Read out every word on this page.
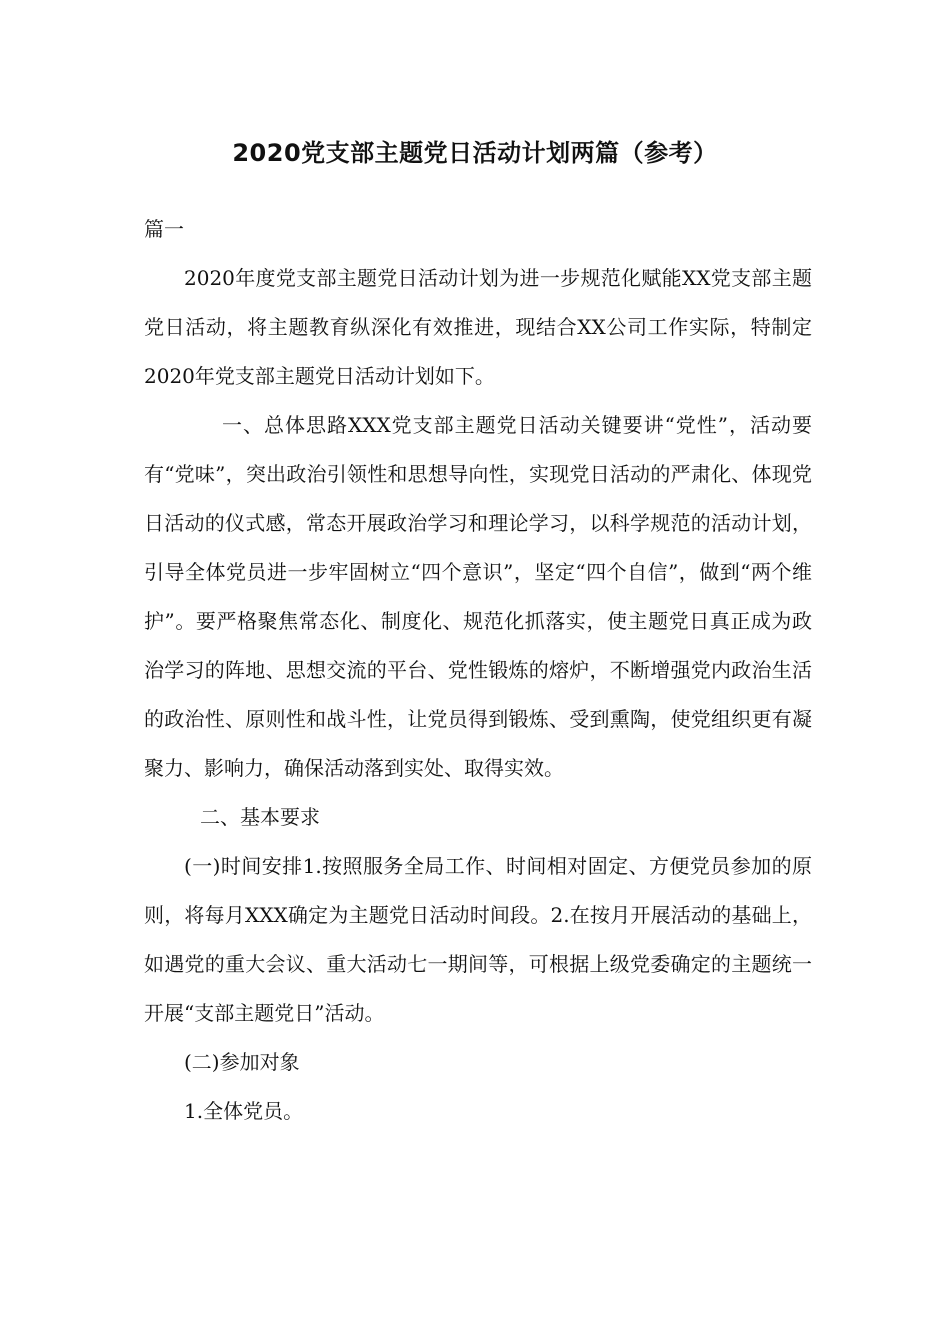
2020党支部主题党日活动计划两篇（参考）

篇一

2020年度党支部主题党日活动计划为进一步规范化赋能XX党支部主题党日活动，将主题教育纵深化有效推进，现结合XX公司工作实际，特制定2020年党支部主题党日活动计划如下。

一、总体思路XXX党支部主题党日活动关键要讲“党性”，活动要有“党味”，突出政治引领性和思想导向性，实现党日活动的严肃化、体现党日活动的仪式感，常态开展政治学习和理论学习，以科学规范的活动计划，引导全体党员进一步牢固树立“四个意识”，坚定“四个自信”，做到“两个维护”。要严格聚焦常态化、制度化、规范化抓落实，使主题党日真正成为政治学习的阵地、思想交流的平台、党性锻炼的熔炉，不断增强党内政治生活的政治性、原则性和战斗性，让党员得到锻炼、受到熏陶，使党组织更有凝聚力、影响力，确保活动落到实处、取得实效。

二、基本要求

(一)时间安排1.按照服务全局工作、时间相对固定、方便党员参加的原则，将每月XXX确定为主题党日活动时间段。2.在按月开展活动的基础上，如遇党的重大会议、重大活动七一期间等，可根据上级党委确定的主题统一开展“支部主题党日”活动。

(二)参加对象

1.全体党员。
